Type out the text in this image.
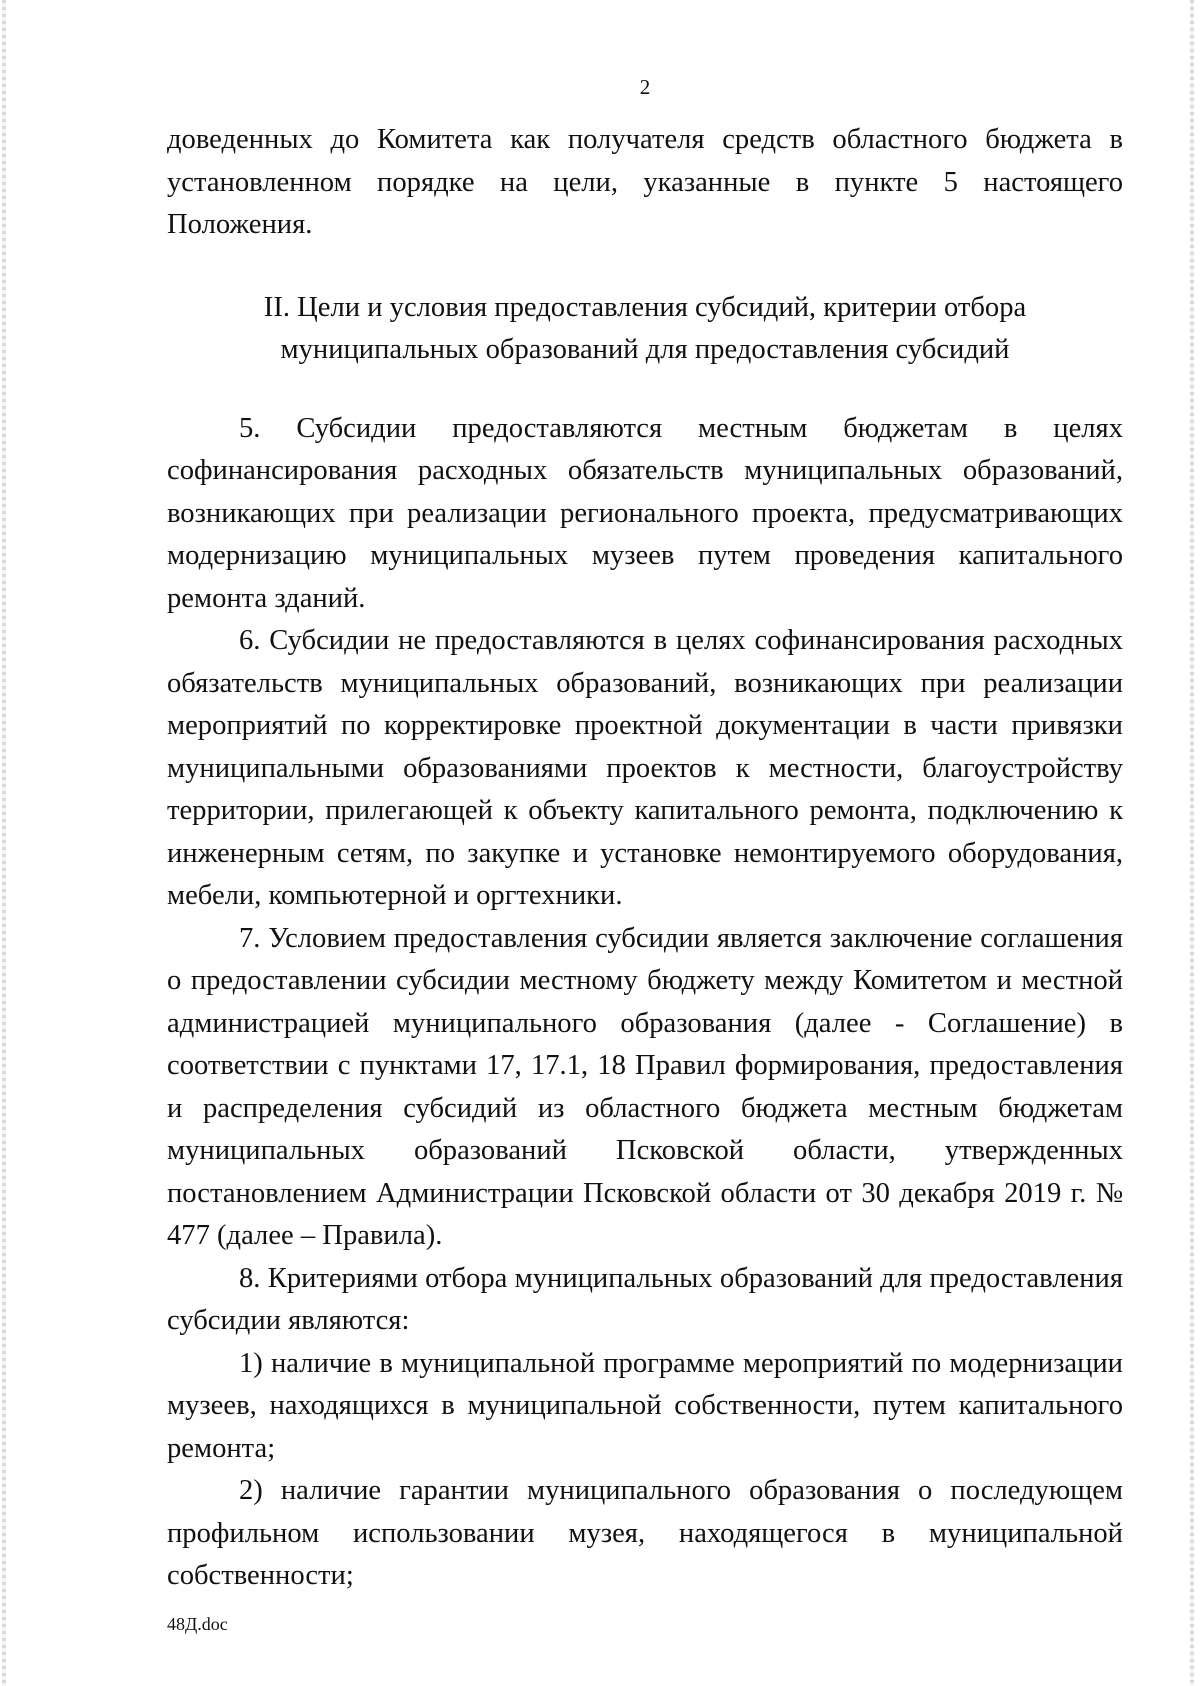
2

доведенных до Комитета как получателя средств областного бюджета в установленном порядке на цели, указанные в пункте 5 настоящего Положения.

II. Цели и условия предоставления субсидий, критерии отбора
муниципальных образований для предоставления субсидий

5. Субсидии предоставляются местным бюджетам в целях софинансирования расходных обязательств муниципальных образований, возникающих при реализации регионального проекта, предусматривающих модернизацию муниципальных музеев путем проведения капитального ремонта зданий.

6. Субсидии не предоставляются в целях софинансирования расходных обязательств муниципальных образований, возникающих при реализации мероприятий по корректировке проектной документации в части привязки муниципальными образованиями проектов к местности, благоустройству территории, прилегающей к объекту капитального ремонта, подключению к инженерным сетям, по закупке и установке немонтируемого оборудования, мебели, компьютерной и оргтехники.

7. Условием предоставления субсидии является заключение соглашения о предоставлении субсидии местному бюджету между Комитетом и местной администрацией муниципального образования (далее - Соглашение) в соответствии с пунктами 17, 17.1, 18 Правил формирования, предоставления и распределения субсидий из областного бюджета местным бюджетам муниципальных образований Псковской области, утвержденных постановлением Администрации Псковской области от 30 декабря 2019 г. № 477 (далее – Правила).

8. Критериями отбора муниципальных образований для предоставления субсидии являются:

1) наличие в муниципальной программе мероприятий по модернизации музеев, находящихся в муниципальной собственности, путем капитального ремонта;

2) наличие гарантии муниципального образования о последующем профильном использовании музея, находящегося в муниципальной собственности;

48Д.doc
